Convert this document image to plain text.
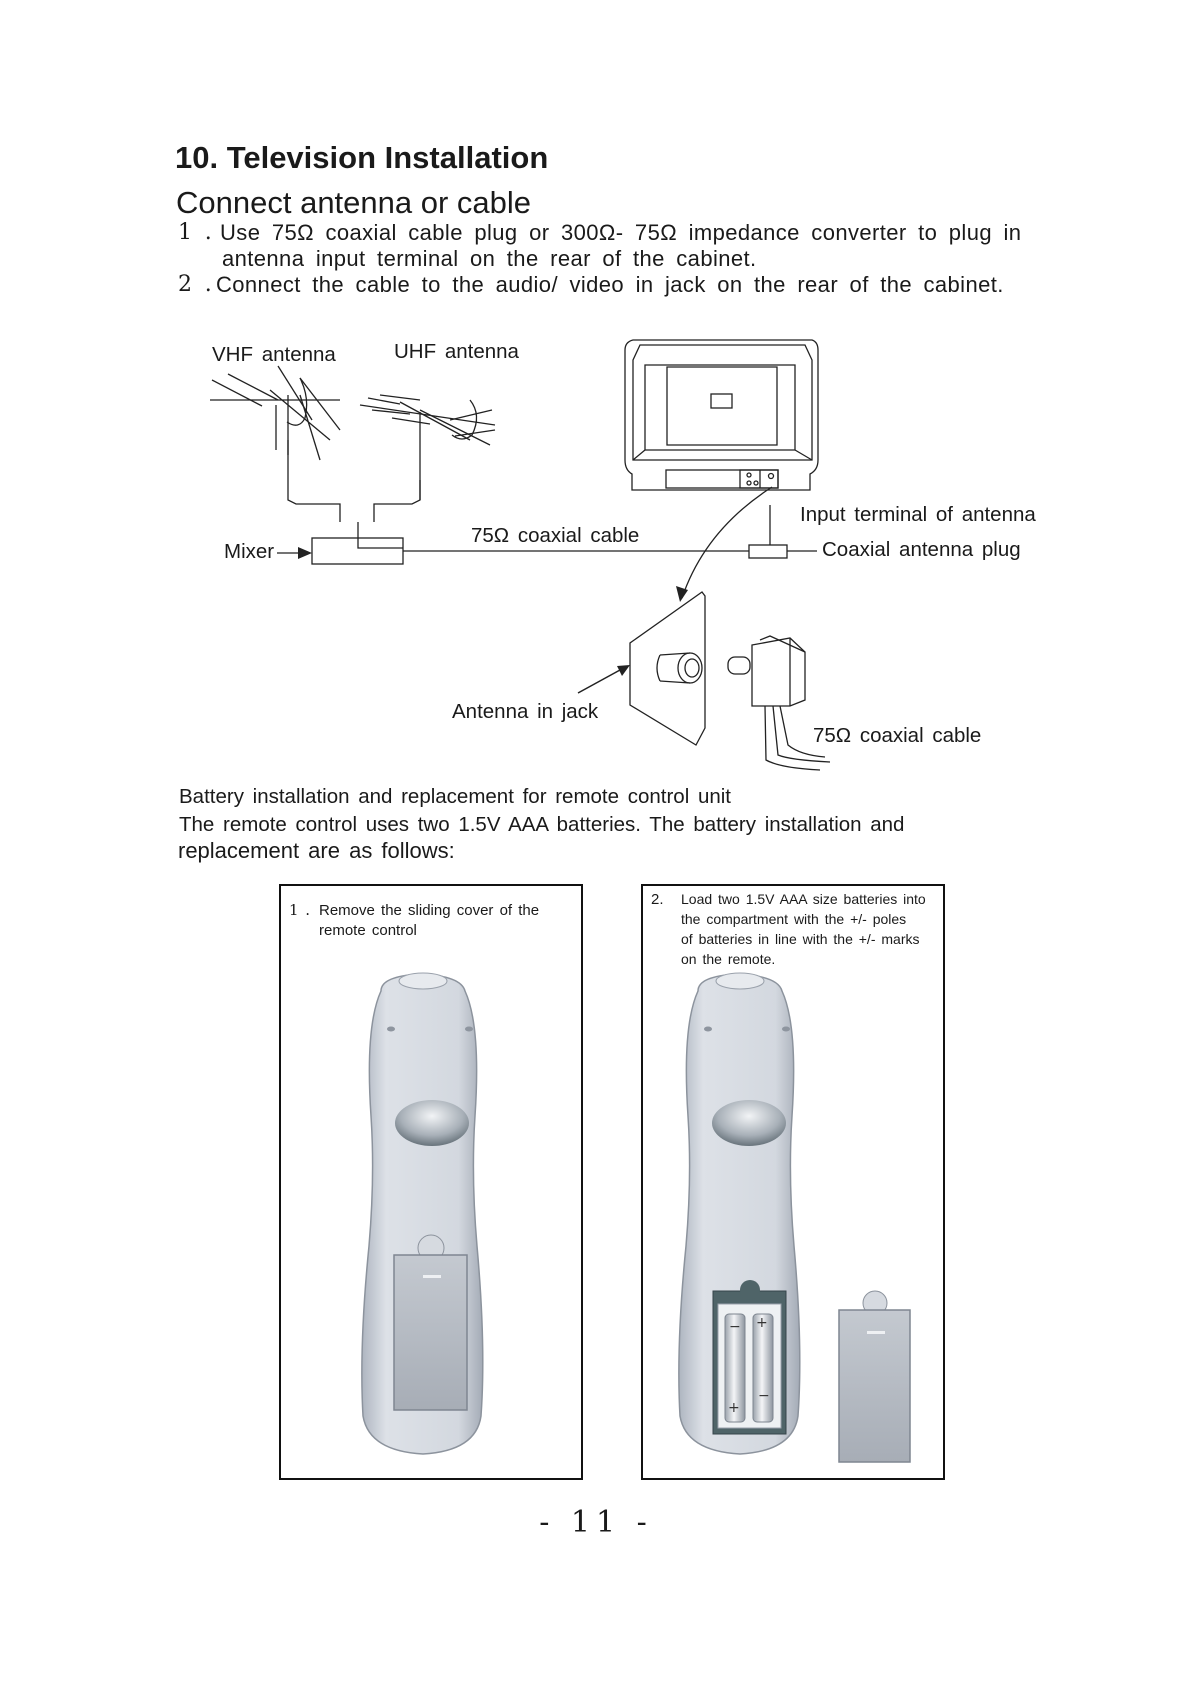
10. Television Installation
Connect antenna or cable
1 . Use 75Ω coaxial cable plug or 300Ω- 75Ω impedance converter to plug in
antenna input terminal on the rear of the cabinet.
2 . Connect the cable to the audio/ video in jack on the rear of the cabinet.
VHF antenna	UHF antenna
Mixer
75Ω coaxial cable
Input terminal of antenna
Coaxial antenna plug
Antenna in jack
75Ω coaxial cable
Battery installation and replacement for remote control unit
The remote control uses two 1.5V AAA batteries. The battery installation and
replacement are as follows:
1 . Remove the sliding cover of the
remote control
2. Load two 1.5V AAA size batteries into
the compartment with the +/- poles
of batteries in line with the +/- marks
on the remote.
− +
+
−
- 11 -
